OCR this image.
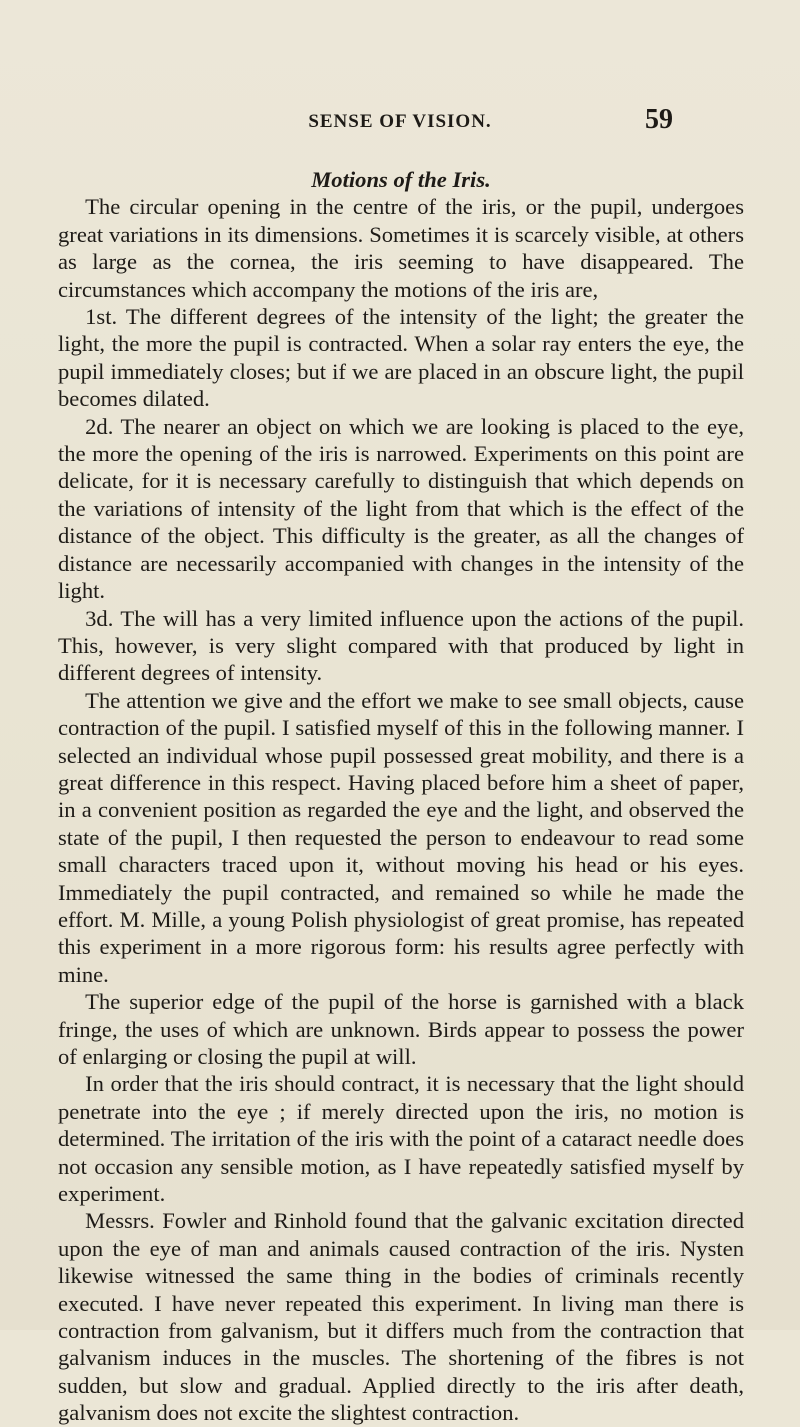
SENSE OF VISION.	59
Motions of the Iris.

The circular opening in the centre of the iris, or the pupil, undergoes great variations in its dimensions. Sometimes it is scarcely visible, at others as large as the cornea, the iris seeming to have disappeared. The circumstances which accompany the motions of the iris are,

1st. The different degrees of the intensity of the light; the greater the light, the more the pupil is contracted. When a solar ray enters the eye, the pupil immediately closes; but if we are placed in an obscure light, the pupil becomes dilated.

2d. The nearer an object on which we are looking is placed to the eye, the more the opening of the iris is narrowed. Experiments on this point are delicate, for it is necessary carefully to distinguish that which depends on the variations of intensity of the light from that which is the effect of the distance of the object. This difficulty is the greater, as all the changes of distance are necessarily accompanied with changes in the intensity of the light.

3d. The will has a very limited influence upon the actions of the pupil. This, however, is very slight compared with that produced by light in different degrees of intensity.

The attention we give and the effort we make to see small objects, cause contraction of the pupil. I satisfied myself of this in the following manner. I selected an individual whose pupil possessed great mobility, and there is a great difference in this respect. Having placed before him a sheet of paper, in a convenient position as regarded the eye and the light, and observed the state of the pupil, I then requested the person to endeavour to read some small characters traced upon it, without moving his head or his eyes. Immediately the pupil contracted, and remained so while he made the effort. M. Mille, a young Polish physiologist of great promise, has repeated this experiment in a more rigorous form: his results agree perfectly with mine.

The superior edge of the pupil of the horse is garnished with a black fringe, the uses of which are unknown. Birds appear to possess the power of enlarging or closing the pupil at will.

In order that the iris should contract, it is necessary that the light should penetrate into the eye ; if merely directed upon the iris, no motion is determined. The irritation of the iris with the point of a cataract needle does not occasion any sensible motion, as I have repeatedly satisfied myself by experiment.

Messrs. Fowler and Rinhold found that the galvanic excitation directed upon the eye of man and animals caused contraction of the iris. Nysten likewise witnessed the same thing in the bodies of criminals recently executed. I have never repeated this experiment. In living man there is contraction from galvanism, but it differs much from the contraction that galvanism induces in the muscles. The shortening of the fibres is not sudden, but slow and gradual. Applied directly to the iris after death, galvanism does not excite the slightest contraction.
